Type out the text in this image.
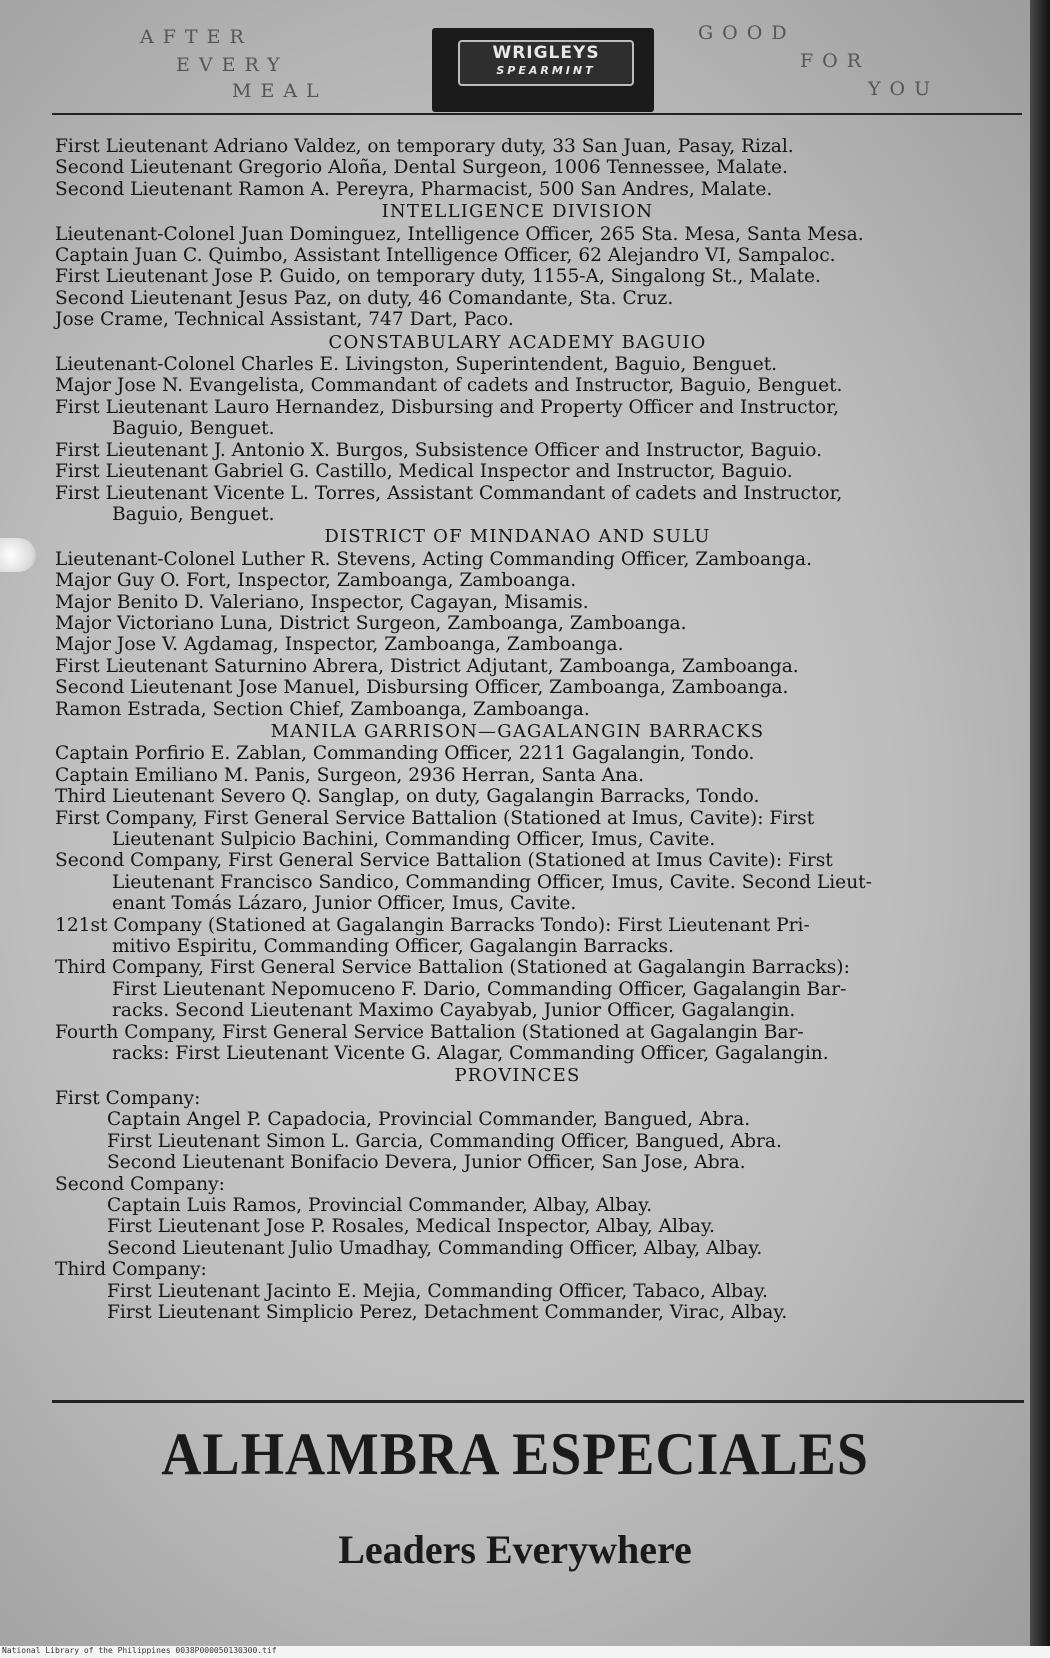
AFTER
EVERY
MEAL
WRIGLEYS
SPEARMINT
GOOD
FOR
YOU
First Lieutenant Adriano Valdez, on temporary duty, 33 San Juan, Pasay, Rizal.
Second Lieutenant Gregorio Aloña, Dental Surgeon, 1006 Tennessee, Malate.
Second Lieutenant Ramon A. Pereyra, Pharmacist, 500 San Andres, Malate.
INTELLIGENCE DIVISION
Lieutenant-Colonel Juan Dominguez, Intelligence Officer, 265 Sta. Mesa, Santa Mesa.
Captain Juan C. Quimbo, Assistant Intelligence Officer, 62 Alejandro VI, Sampaloc.
First Lieutenant Jose P. Guido, on temporary duty, 1155-A, Singalong St., Malate.
Second Lieutenant Jesus Paz, on duty, 46 Comandante, Sta. Cruz.
Jose Crame, Technical Assistant, 747 Dart, Paco.
CONSTABULARY ACADEMY BAGUIO
Lieutenant-Colonel Charles E. Livingston, Superintendent, Baguio, Benguet.
Major Jose N. Evangelista, Commandant of cadets and Instructor, Baguio, Benguet.
First Lieutenant Lauro Hernandez, Disbursing and Property Officer and Instructor,
Baguio, Benguet.
First Lieutenant J. Antonio X. Burgos, Subsistence Officer and Instructor, Baguio.
First Lieutenant Gabriel G. Castillo, Medical Inspector and Instructor, Baguio.
First Lieutenant Vicente L. Torres, Assistant Commandant of cadets and Instructor,
Baguio, Benguet.
DISTRICT OF MINDANAO AND SULU
Lieutenant-Colonel Luther R. Stevens, Acting Commanding Officer, Zamboanga.
Major Guy O. Fort, Inspector, Zamboanga, Zamboanga.
Major Benito D. Valeriano, Inspector, Cagayan, Misamis.
Major Victoriano Luna, District Surgeon, Zamboanga, Zamboanga.
Major Jose V. Agdamag, Inspector, Zamboanga, Zamboanga.
First Lieutenant Saturnino Abrera, District Adjutant, Zamboanga, Zamboanga.
Second Lieutenant Jose Manuel, Disbursing Officer, Zamboanga, Zamboanga.
Ramon Estrada, Section Chief, Zamboanga, Zamboanga.
MANILA GARRISON—GAGALANGIN BARRACKS
Captain Porfirio E. Zablan, Commanding Officer, 2211 Gagalangin, Tondo.
Captain Emiliano M. Panis, Surgeon, 2936 Herran, Santa Ana.
Third Lieutenant Severo Q. Sanglap, on duty, Gagalangin Barracks, Tondo.
First Company, First General Service Battalion (Stationed at Imus, Cavite): First
Lieutenant Sulpicio Bachini, Commanding Officer, Imus, Cavite.
Second Company, First General Service Battalion (Stationed at Imus Cavite): First
Lieutenant Francisco Sandico, Commanding Officer, Imus, Cavite. Second Lieut-
enant Tomás Lázaro, Junior Officer, Imus, Cavite.
121st Company (Stationed at Gagalangin Barracks Tondo): First Lieutenant Pri-
mitivo Espiritu, Commanding Officer, Gagalangin Barracks.
Third Company, First General Service Battalion (Stationed at Gagalangin Barracks):
First Lieutenant Nepomuceno F. Dario, Commanding Officer, Gagalangin Bar-
racks. Second Lieutenant Maximo Cayabyab, Junior Officer, Gagalangin.
Fourth Company, First General Service Battalion (Stationed at Gagalangin Bar-
racks: First Lieutenant Vicente G. Alagar, Commanding Officer, Gagalangin.
PROVINCES
First Company:
Captain Angel P. Capadocia, Provincial Commander, Bangued, Abra.
First Lieutenant Simon L. Garcia, Commanding Officer, Bangued, Abra.
Second Lieutenant Bonifacio Devera, Junior Officer, San Jose, Abra.
Second Company:
Captain Luis Ramos, Provincial Commander, Albay, Albay.
First Lieutenant Jose P. Rosales, Medical Inspector, Albay, Albay.
Second Lieutenant Julio Umadhay, Commanding Officer, Albay, Albay.
Third Company:
First Lieutenant Jacinto E. Mejia, Commanding Officer, Tabaco, Albay.
First Lieutenant Simplicio Perez, Detachment Commander, Virac, Albay.
ALHAMBRA ESPECIALES
Leaders Everywhere
National Library of the Philippines 0038P000050130300.tif
